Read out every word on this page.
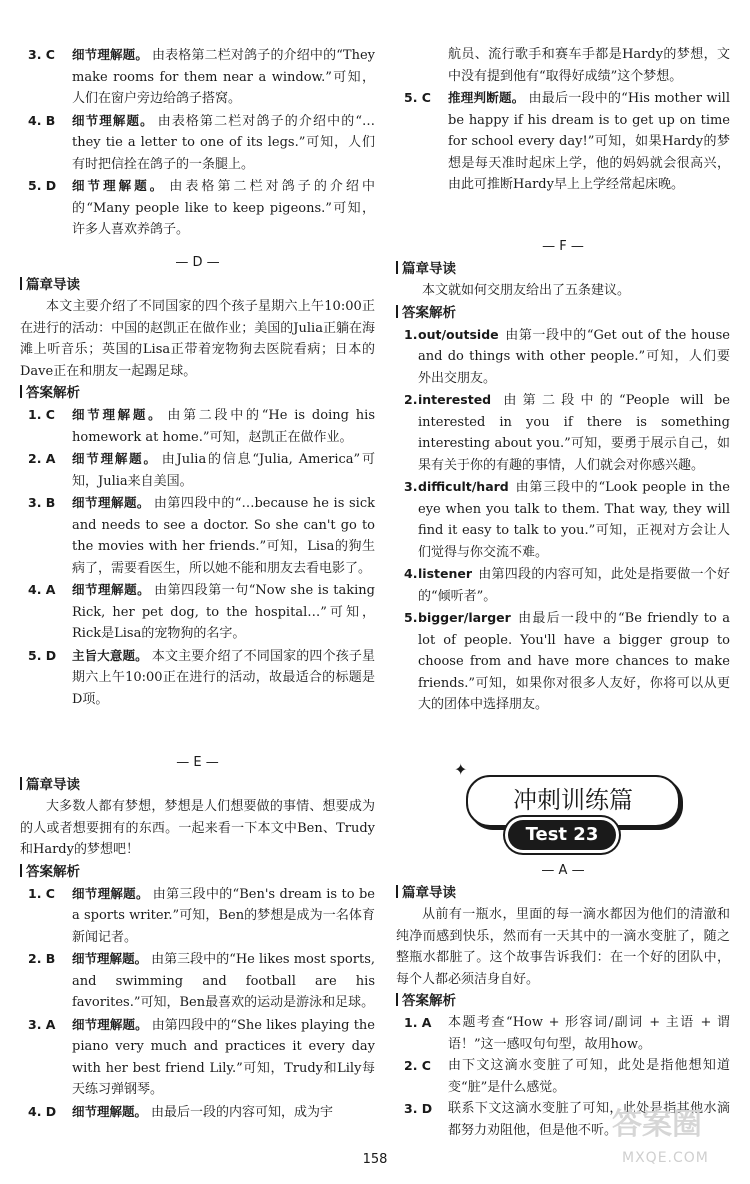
3. C 细节理解题。 由表格第二栏对鸽子的介绍中的“They make rooms for them near a window.”可知，人们在窗户旁边给鸽子搭窝。
4. B 细节理解题。 由表格第二栏对鸽子的介绍中的“…they tie a letter to one of its legs.”可知，人们有时把信拴在鸽子的一条腿上。
5. D 细节理解题。 由表格第二栏对鸽子的介绍中的“Many people like to keep pigeons.”可知，许多人喜欢养鸽子。
— D —
篇章导读
本文主要介绍了不同国家的四个孩子星期六上午10:00正在进行的活动：中国的赵凯正在做作业；美国的Julia正躺在海滩上听音乐；英国的Lisa正带着宠物狗去医院看病；日本的Dave正在和朋友一起踢足球。
答案解析
1. C 细节理解题。 由第二段中的“He is doing his homework at home.”可知，赵凯正在做作业。
2. A 细节理解题。 由Julia的信息“Julia, America”可知，Julia来自美国。
3. B 细节理解题。 由第四段中的“…because he is sick and needs to see a doctor. So she can't go to the movies with her friends.”可知，Lisa的狗生病了，需要看医生，所以她不能和朋友去看电影了。
4. A 细节理解题。 由第四段第一句“Now she is taking Rick, her pet dog, to the hospital…”可知，Rick是Lisa的宠物狗的名字。
5. D 主旨大意题。 本文主要介绍了不同国家的四个孩子星期六上午10:00正在进行的活动，故最适合的标题是D项。
— E —
篇章导读
大多数人都有梦想，梦想是人们想要做的事情、想要成为的人或者想要拥有的东西。一起来看一下本文中Ben、Trudy和Hardy的梦想吧！
答案解析
1. C 细节理解题。 由第三段中的“Ben's dream is to be a sports writer.”可知，Ben的梦想是成为一名体育新闻记者。
2. B 细节理解题。 由第三段中的“He likes most sports, and swimming and football are his favorites.”可知，Ben最喜欢的运动是游泳和足球。
3. A 细节理解题。 由第四段中的“She likes playing the piano very much and practices it every day with her best friend Lily.”可知，Trudy和Lily每天练习弹钢琴。
4. D 细节理解题。 由最后一段的内容可知，成为宇
航员、流行歌手和赛车手都是Hardy的梦想，文中没有提到他有“取得好成绩”这个梦想。
5. C 推理判断题。 由最后一段中的“His mother will be happy if his dream is to get up on time for school every day!”可知，如果Hardy的梦想是每天准时起床上学，他的妈妈就会很高兴，由此可推断Hardy早上上学经常起床晚。
— F —
篇章导读
本文就如何交朋友给出了五条建议。
答案解析
1. out/outside 由第一段中的“Get out of the house and do things with other people.”可知，人们要外出交朋友。
2. interested 由第二段中的“People will be interested in you if there is something interesting about you.”可知，要勇于展示自己，如果有关于你的有趣的事情，人们就会对你感兴趣。
3. difficult/hard 由第三段中的“Look people in the eye when you talk to them. That way, they will find it easy to talk to you.”可知，正视对方会让人们觉得与你交流不难。
4. listener 由第四段的内容可知，此处是指要做一个好的“倾听者”。
5. bigger/larger 由最后一段中的“Be friendly to a lot of people. You'll have a bigger group to choose from and have more chances to make friends.”可知，如果你对很多人友好，你将可以从更大的团体中选择朋友。
✦
冲刺训练篇
Test 23
— A —
篇章导读
从前有一瓶水，里面的每一滴水都因为他们的清澈和纯净而感到快乐，然而有一天其中的一滴水变脏了，随之整瓶水都脏了。这个故事告诉我们：在一个好的团队中，每个人都必须洁身自好。
答案解析
1. A 本题考查“How + 形容词/副词 + 主语 + 谓语！”这一感叹句句型，故用how。
2. C 由下文这滴水变脏了可知，此处是指他想知道变“脏”是什么感觉。
3. D 联系下文这滴水变脏了可知，此处是指其他水滴都努力劝阻他，但是他不听。
158
答案圈
MXQE.COM
